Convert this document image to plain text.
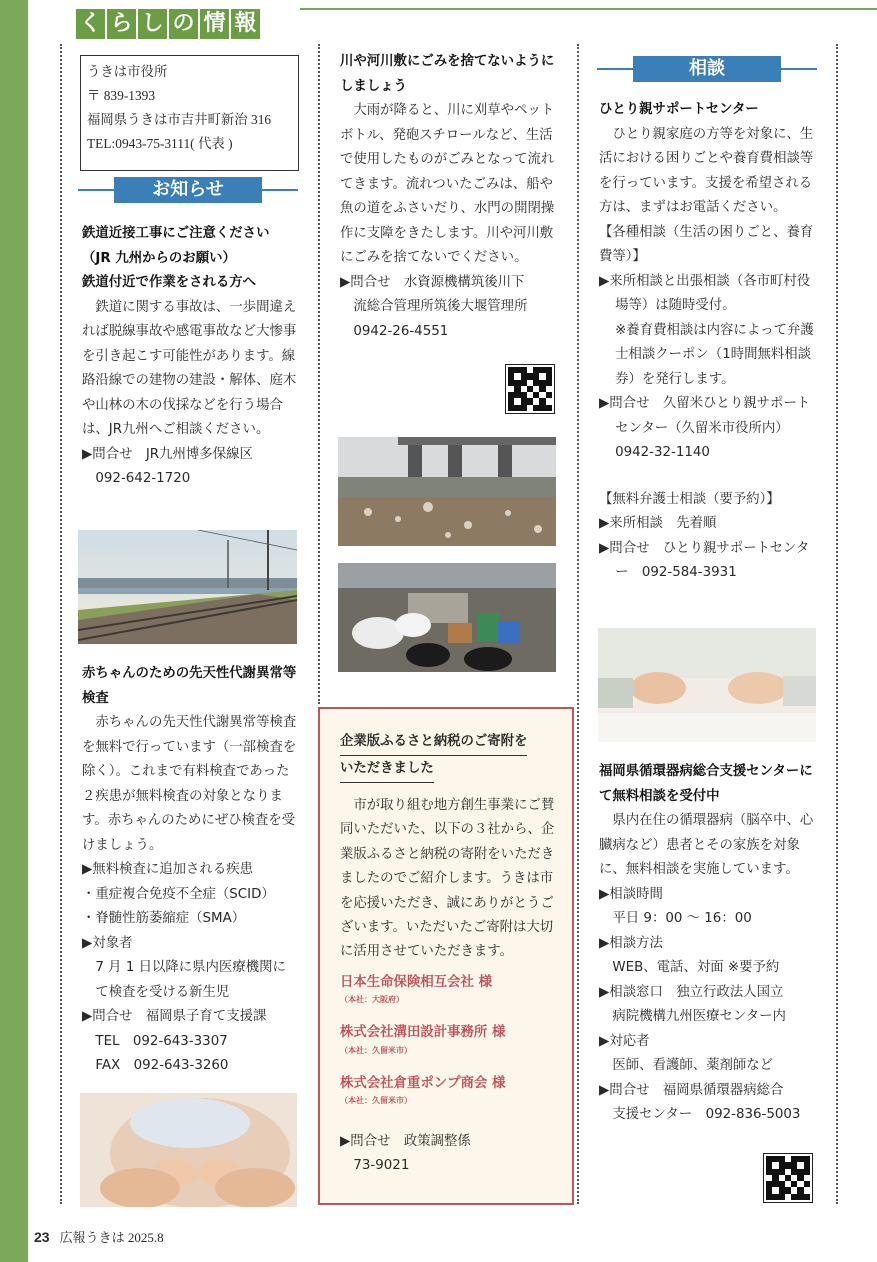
く ら し の 情 報
うきは市役所
〒 839-1393
福岡県うきは市吉井町新治 316
TEL:0943-75-3111( 代表 )
お知らせ

鉄道近接工事にご注意ください

（JR 九州からのお願い）

鉄道付近で作業をされる方へ

鉄道に関する事故は、一歩間違えれば脱線事故や感電事故など大惨事を引き起こす可能性があります。線路沿線での建物の建設・解体、庭木や山林の木の伐採などを行う場合は、JR九州へご相談ください。

▶問合せ　JR九州博多保線区

092-642-1720

赤ちゃんのための先天性代謝異常等検査

赤ちゃんの先天性代謝異常等検査を無料で行っています（一部検査を除く）。これまで有料検査であった２疾患が無料検査の対象となります。赤ちゃんのためにぜひ検査を受けましょう。

▶無料検査に追加される疾患

・重症複合免疫不全症（SCID）

・脊髄性筋萎縮症（SMA）

▶対象者

7 月 1 日以降に県内医療機関にて検査を受ける新生児

▶問合せ　福岡県子育て支援課

TEL　092-643-3307

FAX　092-643-3260

川や河川敷にごみを捨てないようにしましょう

大雨が降ると、川に刈草やペットボトル、発砲スチロールなど、生活で使用したものがごみとなって流れてきます。流れついたごみは、船や魚の道をふさいだり、水門の開閉操作に支障をきたします。川や河川敷にごみを捨てないでください。

▶問合せ　水資源機構筑後川下

流総合管理所筑後大堰管理所

0942-26-4551

企業版ふるさと納税のご寄附を
いただきました

市が取り組む地方創生事業にご賛同いただいた、以下の３社から、企業版ふるさと納税の寄附をいただきましたのでご紹介します。うきは市を応援いただき、誠にありがとうございます。いただいたご寄附は大切に活用させていただきます。

日本生命保険相互会社 様
（本社：大阪府）
株式会社溝田設計事務所 様
（本社：久留米市）
株式会社倉重ポンプ商会 様
（本社：久留米市）

▶問合せ　政策調整係

73-9021

相談

ひとり親サポートセンター

ひとり親家庭の方等を対象に、生活における困りごとや養育費相談等を行っています。支援を希望される方は、まずはお電話ください。

【各種相談（生活の困りごと、養育費等）】

▶来所相談と出張相談（各市町村役場等）は随時受付。

※養育費相談は内容によって弁護士相談クーポン（1時間無料相談券）を発行します。

▶問合せ　久留米ひとり親サポートセンター（久留米市役所内）

0942-32-1140

【無料弁護士相談（要予約）】

▶来所相談　先着順

▶問合せ　ひとり親サポートセンター　092-584-3931

福岡県循環器病総合支援センターにて無料相談を受付中

県内在住の循環器病（脳卒中、心臓病など）患者とその家族を対象に、無料相談を実施しています。

▶相談時間

平日 9：00 ～ 16：00

▶相談方法

WEB、電話、対面 ※要予約

▶相談窓口　独立行政法人国立

病院機構九州医療センター内

▶対応者

医師、看護師、薬剤師など

▶問合せ　福岡県循環器病総合

支援センター　092-836-5003

23 広報うきは 2025.8
